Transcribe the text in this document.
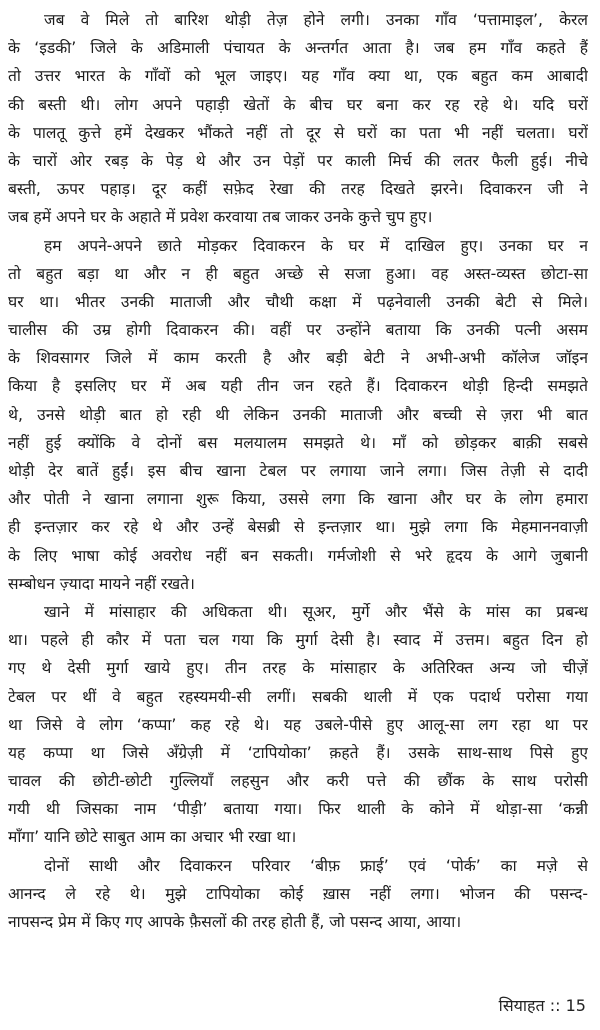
जब वे मिले तो बारिश थोड़ी तेज़ होने लगी। उनका गाँव ‘पत्तामाइल’, केरल
के ‘इडकी’ जिले के अडिमाली पंचायत के अन्तर्गत आता है। जब हम गाँव कहते हैं
तो उत्तर भारत के गाँवों को भूल जाइए। यह गाँव क्या था, एक बहुत कम आबादी
की बस्ती थी। लोग अपने पहाड़ी खेतों के बीच घर बना कर रह रहे थे। यदि घरों
के पालतू कुत्ते हमें देखकर भौंकते नहीं तो दूर से घरों का पता भी नहीं चलता। घरों
के चारों ओर रबड़ के पेड़ थे और उन पेड़ों पर काली मिर्च की लतर फैली हुई। नीचे
बस्ती, ऊपर पहाड़। दूर कहीं सफ़ेद रेखा की तरह दिखते झरने। दिवाकरन जी ने
जब हमें अपने घर के अहाते में प्रवेश करवाया तब जाकर उनके कुत्ते चुप हुए।
हम अपने-अपने छाते मोड़कर दिवाकरन के घर में दाखिल हुए। उनका घर न
तो बहुत बड़ा था और न ही बहुत अच्छे से सजा हुआ। वह अस्त-व्यस्त छोटा-सा
घर था। भीतर उनकी माताजी और चौथी कक्षा में पढ़नेवाली उनकी बेटी से मिले।
चालीस की उम्र होगी दिवाकरन की। वहीं पर उन्होंने बताया कि उनकी पत्नी असम
के शिवसागर जिले में काम करती है और बड़ी बेटी ने अभी-अभी कॉलेज जॉइन
किया है इसलिए घर में अब यही तीन जन रहते हैं। दिवाकरन थोड़ी हिन्दी समझते
थे, उनसे थोड़ी बात हो रही थी लेकिन उनकी माताजी और बच्ची से ज़रा भी बात
नहीं हुई क्योंकि वे दोनों बस मलयालम समझते थे। माँ को छोड़कर बाक़ी सबसे
थोड़ी देर बातें हुईं। इस बीच खाना टेबल पर लगाया जाने लगा। जिस तेज़ी से दादी
और पोती ने खाना लगाना शुरू किया, उससे लगा कि खाना और घर के लोग हमारा
ही इन्तज़ार कर रहे थे और उन्हें बेसब्री से इन्तज़ार था। मुझे लगा कि मेहमाननवाज़ी
के लिए भाषा कोई अवरोध नहीं बन सकती। गर्मजोशी से भरे हृदय के आगे जुबानी
सम्बोधन ज़्यादा मायने नहीं रखते।
खाने में मांसाहार की अधिकता थी। सूअर, मुर्गे और भैंसे के मांस का प्रबन्ध
था। पहले ही कौर में पता चल गया कि मुर्गा देसी है। स्वाद में उत्तम। बहुत दिन हो
गए थे देसी मुर्गा खाये हुए। तीन तरह के मांसाहार के अतिरिक्त अन्य जो चीज़ें
टेबल पर थीं वे बहुत रहस्यमयी-सी लगीं। सबकी थाली में एक पदार्थ परोसा गया
था जिसे वे लोग ‘कप्पा’ कह रहे थे। यह उबले-पीसे हुए आलू-सा लग रहा था पर
यह कप्पा था जिसे अँग्रेज़ी में ‘टापियोका’ क़हते हैं। उसके साथ-साथ पिसे हुए
चावल की छोटी-छोटी गुल्लियाँ लहसुन और करी पत्ते की छौंक के साथ परोसी
गयी थी जिसका नाम ‘पीड़ी’ बताया गया। फिर थाली के कोने में थोड़ा-सा ‘कन्नी
माँगा’ यानि छोटे साबुत आम का अचार भी रखा था।
दोनों साथी और दिवाकरन परिवार ‘बीफ़ फ्राई’ एवं ‘पोर्क’ का मज़े से
आनन्द ले रहे थे। मुझे टापियोका कोई ख़ास नहीं लगा। भोजन की पसन्द-
नापसन्द प्रेम में किए गए आपके फ़ैसलों की तरह होती हैं, जो पसन्द आया, आया।
सियाहत :: 15
